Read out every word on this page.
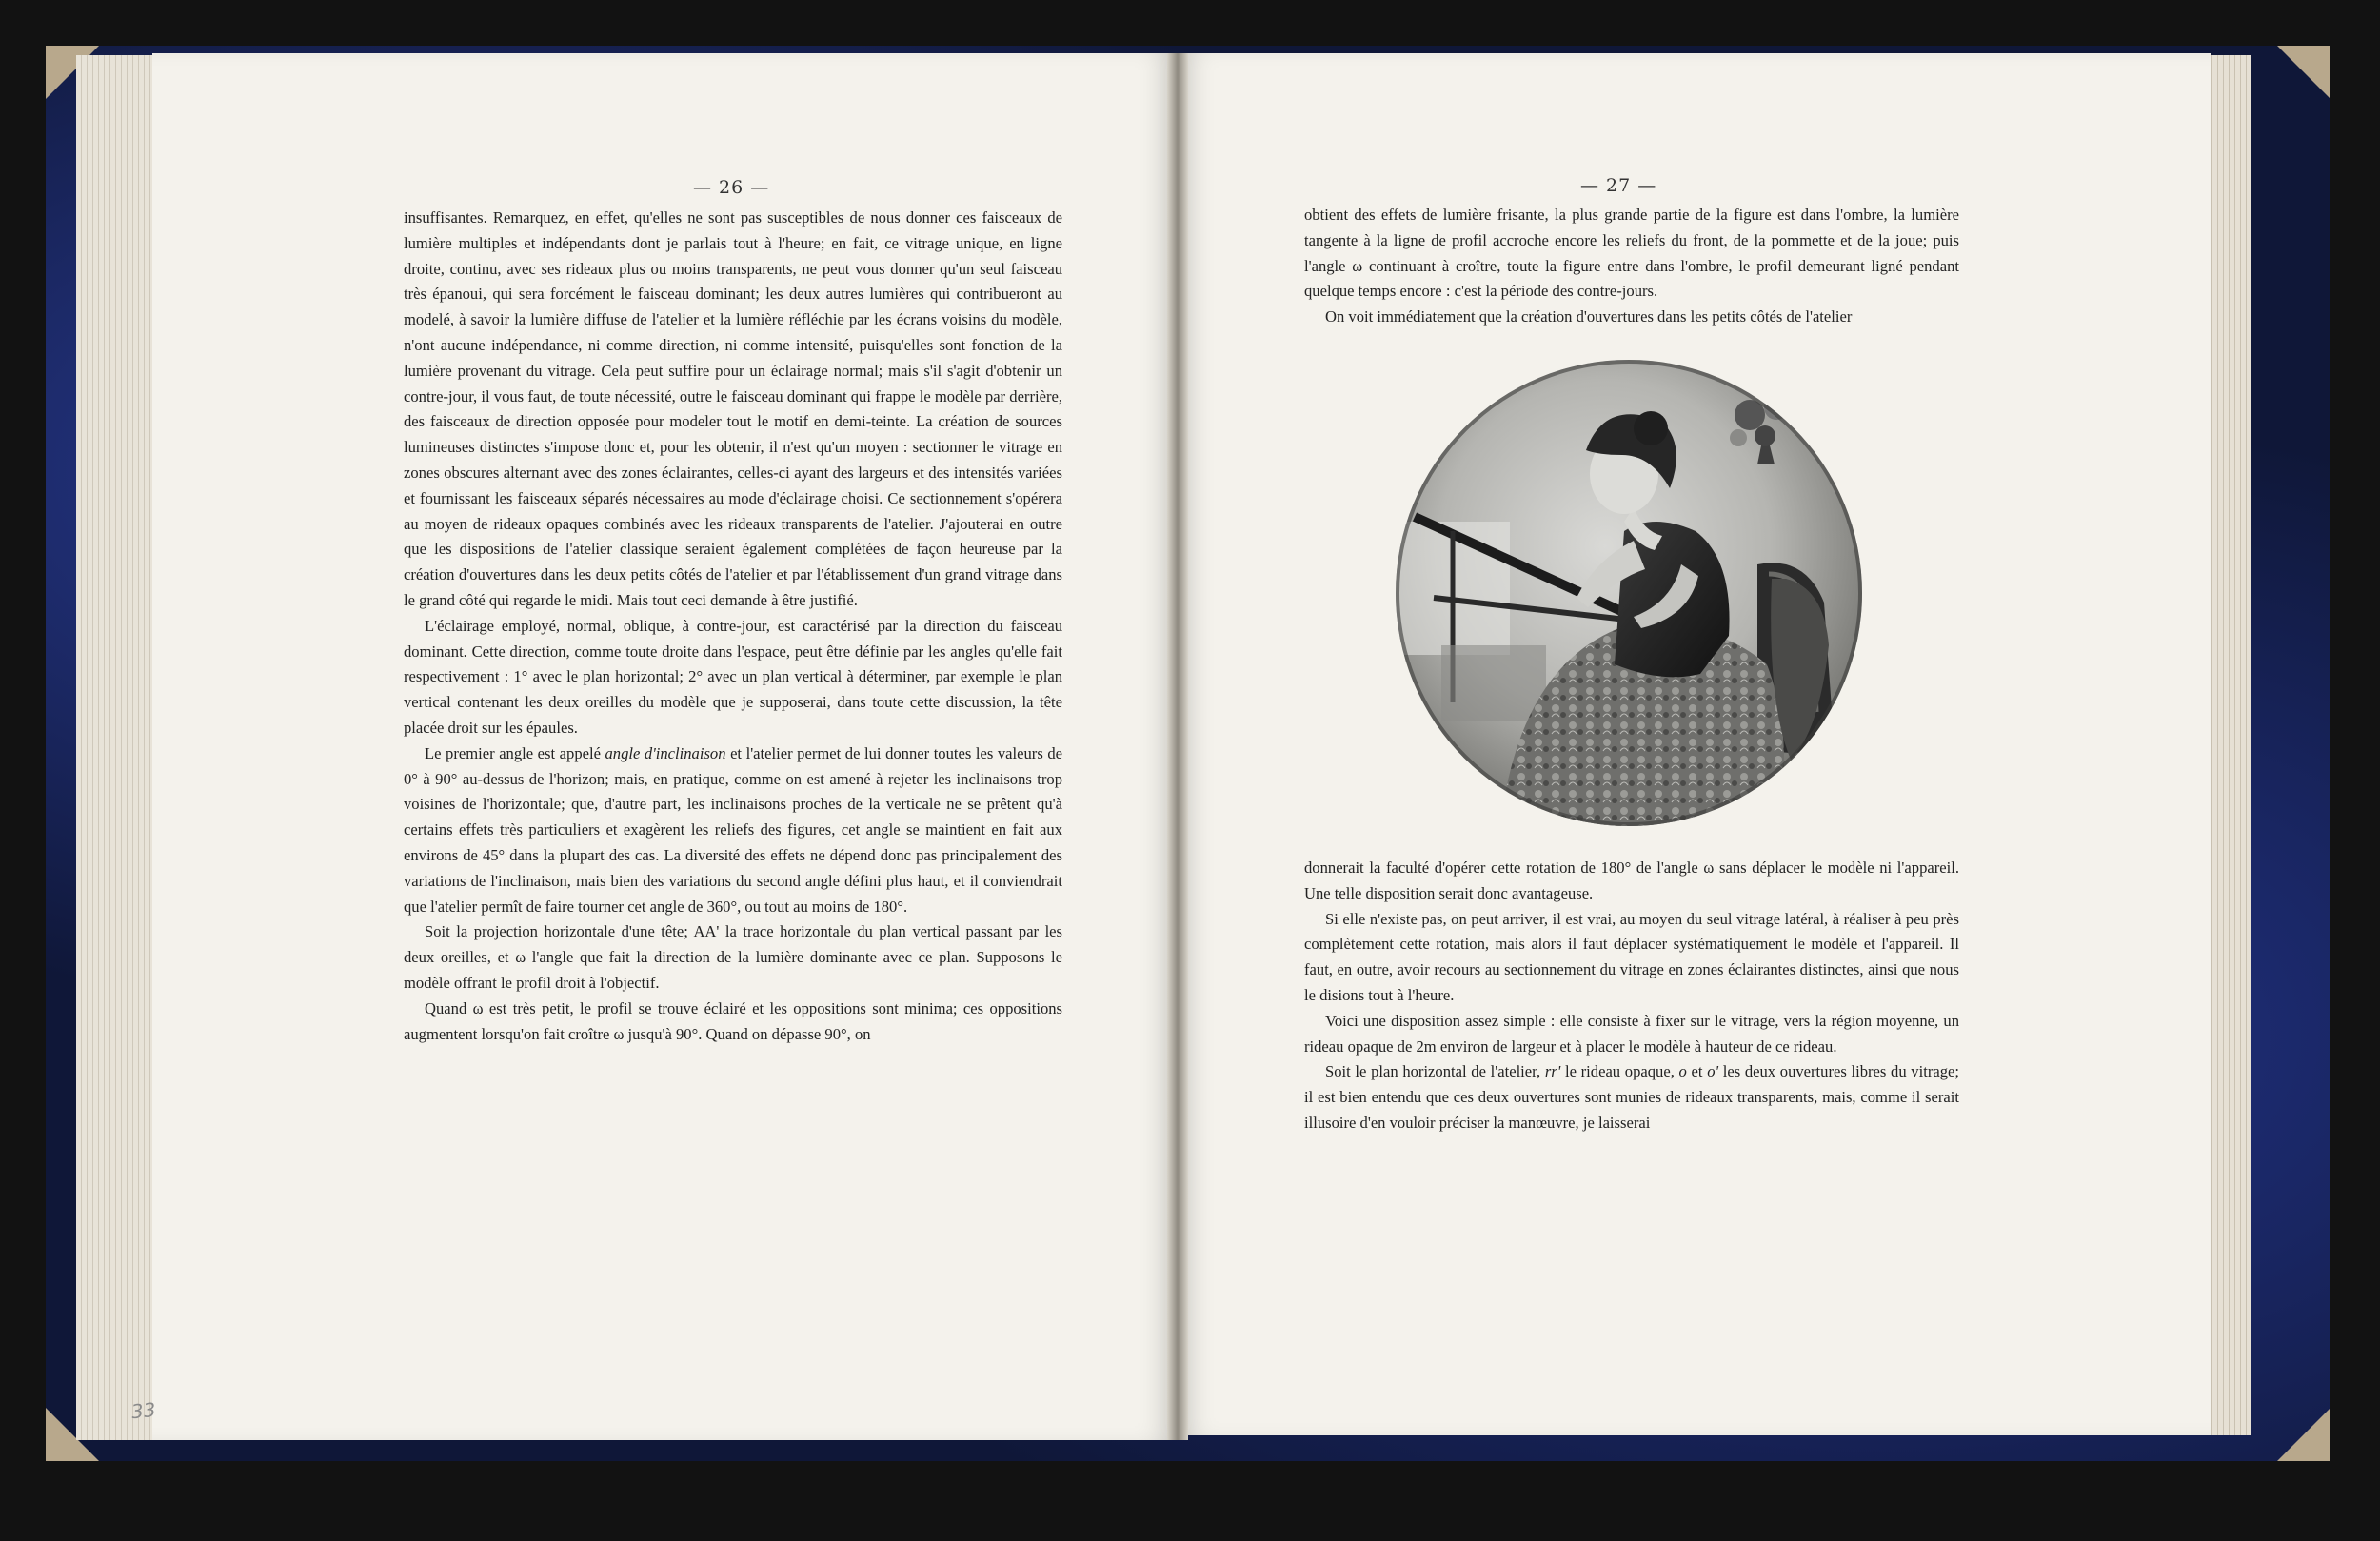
— 26 —

insuffisantes. Remarquez, en effet, qu'elles ne sont pas susceptibles de nous donner ces faisceaux de lumière multiples et indépendants dont je parlais tout à l'heure; en fait, ce vitrage unique, en ligne droite, continu, avec ses rideaux plus ou moins transparents, ne peut vous donner qu'un seul faisceau très épanoui, qui sera forcément le faisceau dominant; les deux autres lumières qui contribueront au modelé, à savoir la lumière diffuse de l'atelier et la lumière réfléchie par les écrans voisins du modèle, n'ont aucune indépendance, ni comme direction, ni comme intensité, puisqu'elles sont fonction de la lumière provenant du vitrage. Cela peut suffire pour un éclairage normal; mais s'il s'agit d'obtenir un contre-jour, il vous faut, de toute nécessité, outre le faisceau dominant qui frappe le modèle par derrière, des faisceaux de direction opposée pour modeler tout le motif en demi-teinte. La création de sources lumineuses distinctes s'impose donc et, pour les obtenir, il n'est qu'un moyen : sectionner le vitrage en zones obscures alternant avec des zones éclairantes, celles-ci ayant des largeurs et des intensités variées et fournissant les faisceaux séparés nécessaires au mode d'éclairage choisi. Ce sectionnement s'opérera au moyen de rideaux opaques combinés avec les rideaux transparents de l'atelier. J'ajouterai en outre que les dispositions de l'atelier classique seraient également complétées de façon heureuse par la création d'ouvertures dans les deux petits côtés de l'atelier et par l'établissement d'un grand vitrage dans le grand côté qui regarde le midi. Mais tout ceci demande à être justifié.

L'éclairage employé, normal, oblique, à contre-jour, est caractérisé par la direction du faisceau dominant. Cette direction, comme toute droite dans l'espace, peut être définie par les angles qu'elle fait respectivement : 1° avec le plan horizontal; 2° avec un plan vertical à déterminer, par exemple le plan vertical contenant les deux oreilles du modèle que je supposerai, dans toute cette discussion, la tête placée droit sur les épaules.

Le premier angle est appelé angle d'inclinaison et l'atelier permet de lui donner toutes les valeurs de 0° à 90° au-dessus de l'horizon; mais, en pratique, comme on est amené à rejeter les inclinaisons trop voisines de l'horizontale; que, d'autre part, les inclinaisons proches de la verticale ne se prêtent qu'à certains effets très particuliers et exagèrent les reliefs des figures, cet angle se maintient en fait aux environs de 45° dans la plupart des cas. La diversité des effets ne dépend donc pas principalement des variations de l'inclinaison, mais bien des variations du second angle défini plus haut, et il conviendrait que l'atelier permît de faire tourner cet angle de 360°, ou tout au moins de 180°.

Soit la projection horizontale d'une tête; AA' la trace horizontale du plan vertical passant par les deux oreilles, et ω l'angle que fait la direction de la lumière dominante avec ce plan. Supposons le modèle offrant le profil droit à l'objectif.

Quand ω est très petit, le profil se trouve éclairé et les oppositions sont minima; ces oppositions augmentent lorsqu'on fait croître ω jusqu'à 90°. Quand on dépasse 90°, on

33
— 27 —

obtient des effets de lumière frisante, la plus grande partie de la figure est dans l'ombre, la lumière tangente à la ligne de profil accroche encore les reliefs du front, de la pommette et de la joue; puis l'angle ω continuant à croître, toute la figure entre dans l'ombre, le profil demeurant ligné pendant quelque temps encore : c'est la période des contre-jours.

On voit immédiatement que la création d'ouvertures dans les petits côtés de l'atelier

donnerait la faculté d'opérer cette rotation de 180° de l'angle ω sans déplacer le modèle ni l'appareil. Une telle disposition serait donc avantageuse.

Si elle n'existe pas, on peut arriver, il est vrai, au moyen du seul vitrage latéral, à réaliser à peu près complètement cette rotation, mais alors il faut déplacer systématiquement le modèle et l'appareil. Il faut, en outre, avoir recours au sectionnement du vitrage en zones éclairantes distinctes, ainsi que nous le disions tout à l'heure.

Voici une disposition assez simple : elle consiste à fixer sur le vitrage, vers la région moyenne, un rideau opaque de 2m environ de largeur et à placer le modèle à hauteur de ce rideau.

Soit le plan horizontal de l'atelier, rr' le rideau opaque, o et o' les deux ouvertures libres du vitrage; il est bien entendu que ces deux ouvertures sont munies de rideaux transparents, mais, comme il serait illusoire d'en vouloir préciser la manœuvre, je laisserai
